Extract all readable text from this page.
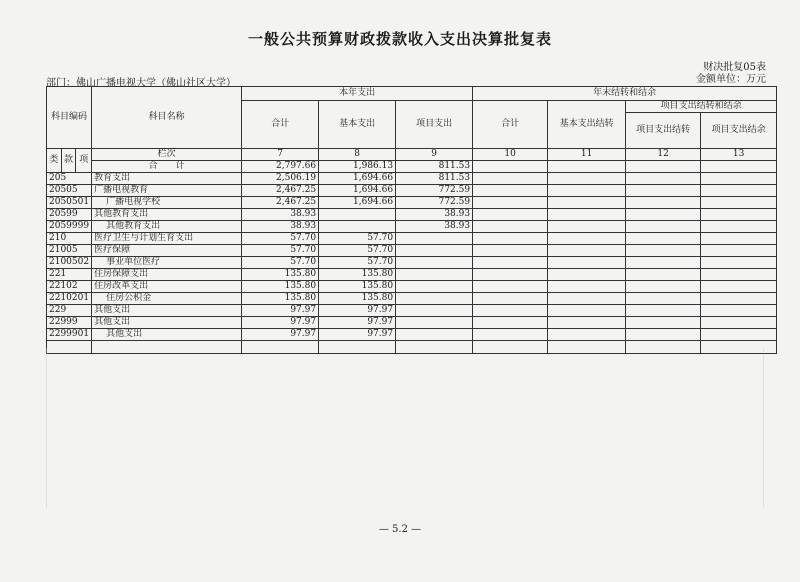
一般公共预算财政拨款收入支出决算批复表
财决批复05表
金额单位：万元
部门：佛山广播电视大学（佛山社区大学）
科目编码			科目名称	本年支出			年末结转和结余			
				合计	基本支出	项目支出	合计	基本支出结转	项目支出结转和结余	
									项目支出结转	项目支出结余
类	款	项	栏次	7	8	9	10	11	12	13
			合　　计	2,797.66	1,986.13	811.53				
205			教育支出	2,506.19	1,694.66	811.53				
20505			广播电视教育	2,467.25	1,694.66	772.59				
2050501			广播电视学校	2,467.25	1,694.66	772.59				
20599			其他教育支出	38.93		38.93				
2059999			其他教育支出	38.93		38.93				
210			医疗卫生与计划生育支出	57.70	57.70					
21005			医疗保障	57.70	57.70					
2100502			事业单位医疗	57.70	57.70					
221			住房保障支出	135.80	135.80					
22102			住房改革支出	135.80	135.80					
2210201			住房公积金	135.80	135.80					
229			其他支出	97.97	97.97					
22999			其他支出	97.97	97.97					
2299901			其他支出	97.97	97.97					

— 5.2 —
